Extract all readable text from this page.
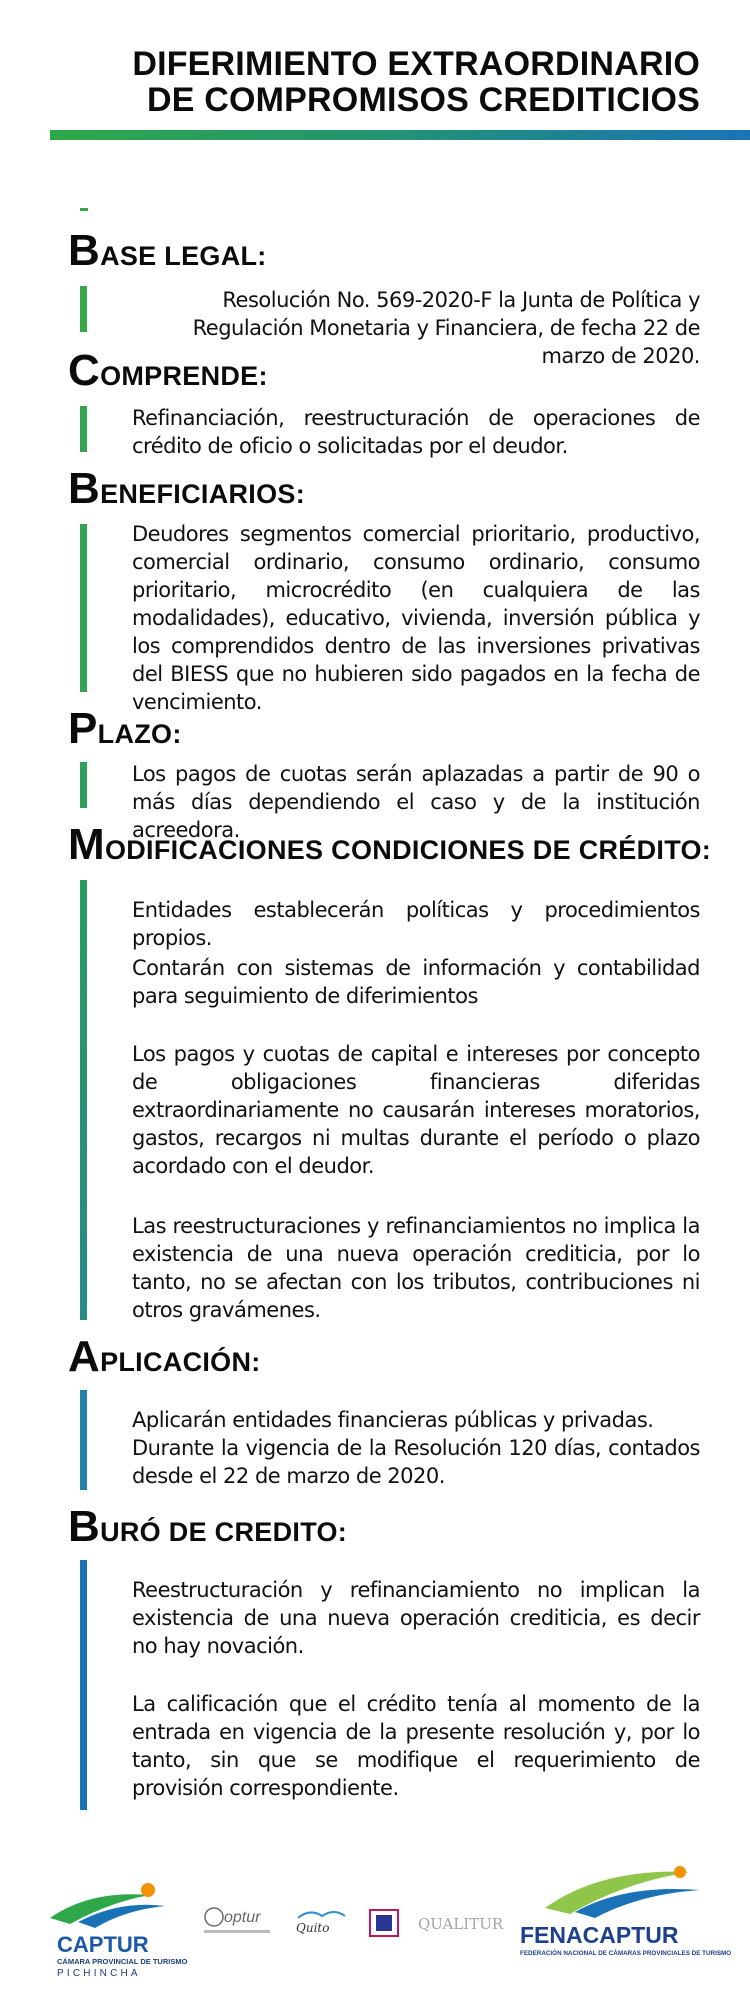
DIFERIMIENTO EXTRAORDINARIO
DE COMPROMISOS CREDITICIOS
BASE LEGAL:

Resolución No. 569-2020-F la Junta de Política y Regulación Monetaria y Financiera, de fecha 22 de marzo de 2020.

COMPRENDE:

Refinanciación, reestructuración de operaciones de crédito de oficio o solicitadas por el deudor.

BENEFICIARIOS:

Deudores segmentos comercial prioritario, productivo, comercial ordinario, consumo ordinario, consumo prioritario, microcrédito (en cualquiera de las modalidades), educativo, vivienda, inversión pública y los comprendidos dentro de las inversiones privativas del BIESS que no hubieren sido pagados en la fecha de vencimiento.

PLAZO:

Los pagos de cuotas serán aplazadas a partir de 90 o más días dependiendo el caso y de la institución acreedora.

MODIFICACIONES CONDICIONES DE CRÉDITO:

Entidades establecerán políticas y procedimientos propios.

Contarán con sistemas de información y contabilidad para seguimiento de diferimientos

Los pagos y cuotas de capital e intereses por concepto de obligaciones financieras diferidas extraordinariamente no causarán intereses moratorios, gastos, recargos ni multas durante el período o plazo acordado con el deudor.

Las reestructuraciones y refinanciamientos no implica la existencia de una nueva operación crediticia, por lo tanto, no se afectan con los tributos, contribuciones ni otros gravámenes.

APLICACIÓN:

Aplicarán entidades financieras públicas y privadas.

Durante la vigencia de la Resolución 120 días, contados desde el 22 de marzo de 2020.

BURÓ DE CREDITO:

Reestructuración y refinanciamiento no implican la existencia de una nueva operación crediticia, es decir no hay novación.

La calificación que el crédito tenía al momento de la entrada en vigencia de la presente resolución y, por lo tanto, sin que se modifique el requerimiento de provisión correspondiente.

CAPTUR
CÁMARA PROVINCIAL DE TURISMO
PICHINCHA
optur
Quito	QUALITUR FENACAPTUR
FEDERACIÓN NACIONAL DE CÁMARAS PROVINCIALES DE TURISMO
